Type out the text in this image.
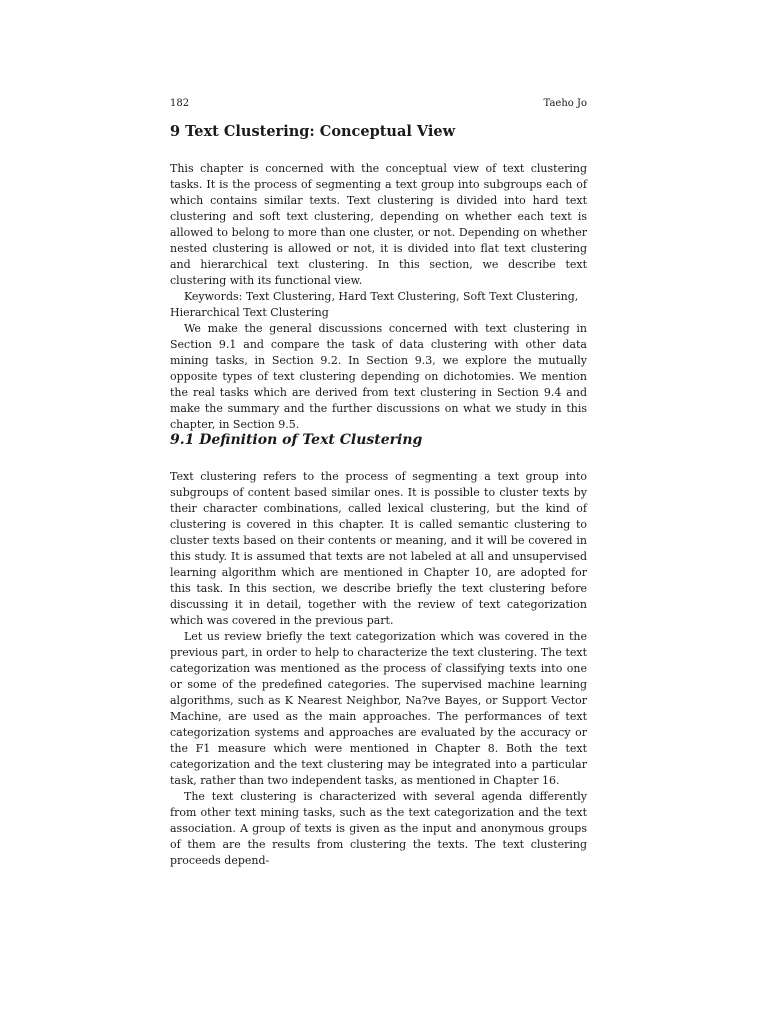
182	Taeho Jo
9 Text Clustering: Conceptual View

This chapter is concerned with the conceptual view of text clustering tasks. It is the process of segmenting a text group into subgroups each of which contains similar texts. Text clustering is divided into hard text clustering and soft text clustering, depending on whether each text is allowed to belong to more than one cluster, or not. Depending on whether nested clustering is allowed or not, it is divided into flat text clustering and hierarchical text clustering. In this section, we describe text clustering with its functional view.

Keywords: Text Clustering, Hard Text Clustering, Soft Text Clustering, Hierarchical Text Clustering

We make the general discussions concerned with text clustering in Section 9.1 and compare the task of data clustering with other data mining tasks, in Section 9.2. In Section 9.3, we explore the mutually opposite types of text clustering depending on dichotomies. We mention the real tasks which are derived from text clustering in Section 9.4 and make the summary and the further discussions on what we study in this chapter, in Section 9.5.

9.1 Definition of Text Clustering

Text clustering refers to the process of segmenting a text group into subgroups of content based similar ones. It is possible to cluster texts by their character combinations, called lexical clustering, but the kind of clustering is covered in this chapter. It is called semantic clustering to cluster texts based on their contents or meaning, and it will be covered in this study. It is assumed that texts are not labeled at all and unsupervised learning algorithm which are mentioned in Chapter 10, are adopted for this task. In this section, we describe briefly the text clustering before discussing it in detail, together with the review of text categorization which was covered in the previous part.

Let us review briefly the text categorization which was covered in the previous part, in order to help to characterize the text clustering. The text categorization was mentioned as the process of classifying texts into one or some of the predefined categories. The supervised machine learning algorithms, such as K Nearest Neighbor, Na?ve Bayes, or Support Vector Machine, are used as the main approaches. The performances of text categorization systems and approaches are evaluated by the accuracy or the F1 measure which were mentioned in Chapter 8. Both the text categorization and the text clustering may be integrated into a particular task, rather than two independent tasks, as mentioned in Chapter 16.

The text clustering is characterized with several agenda differently from other text mining tasks, such as the text categorization and the text association. A group of texts is given as the input and anonymous groups of them are the results from clustering the texts. The text clustering proceeds depend-
